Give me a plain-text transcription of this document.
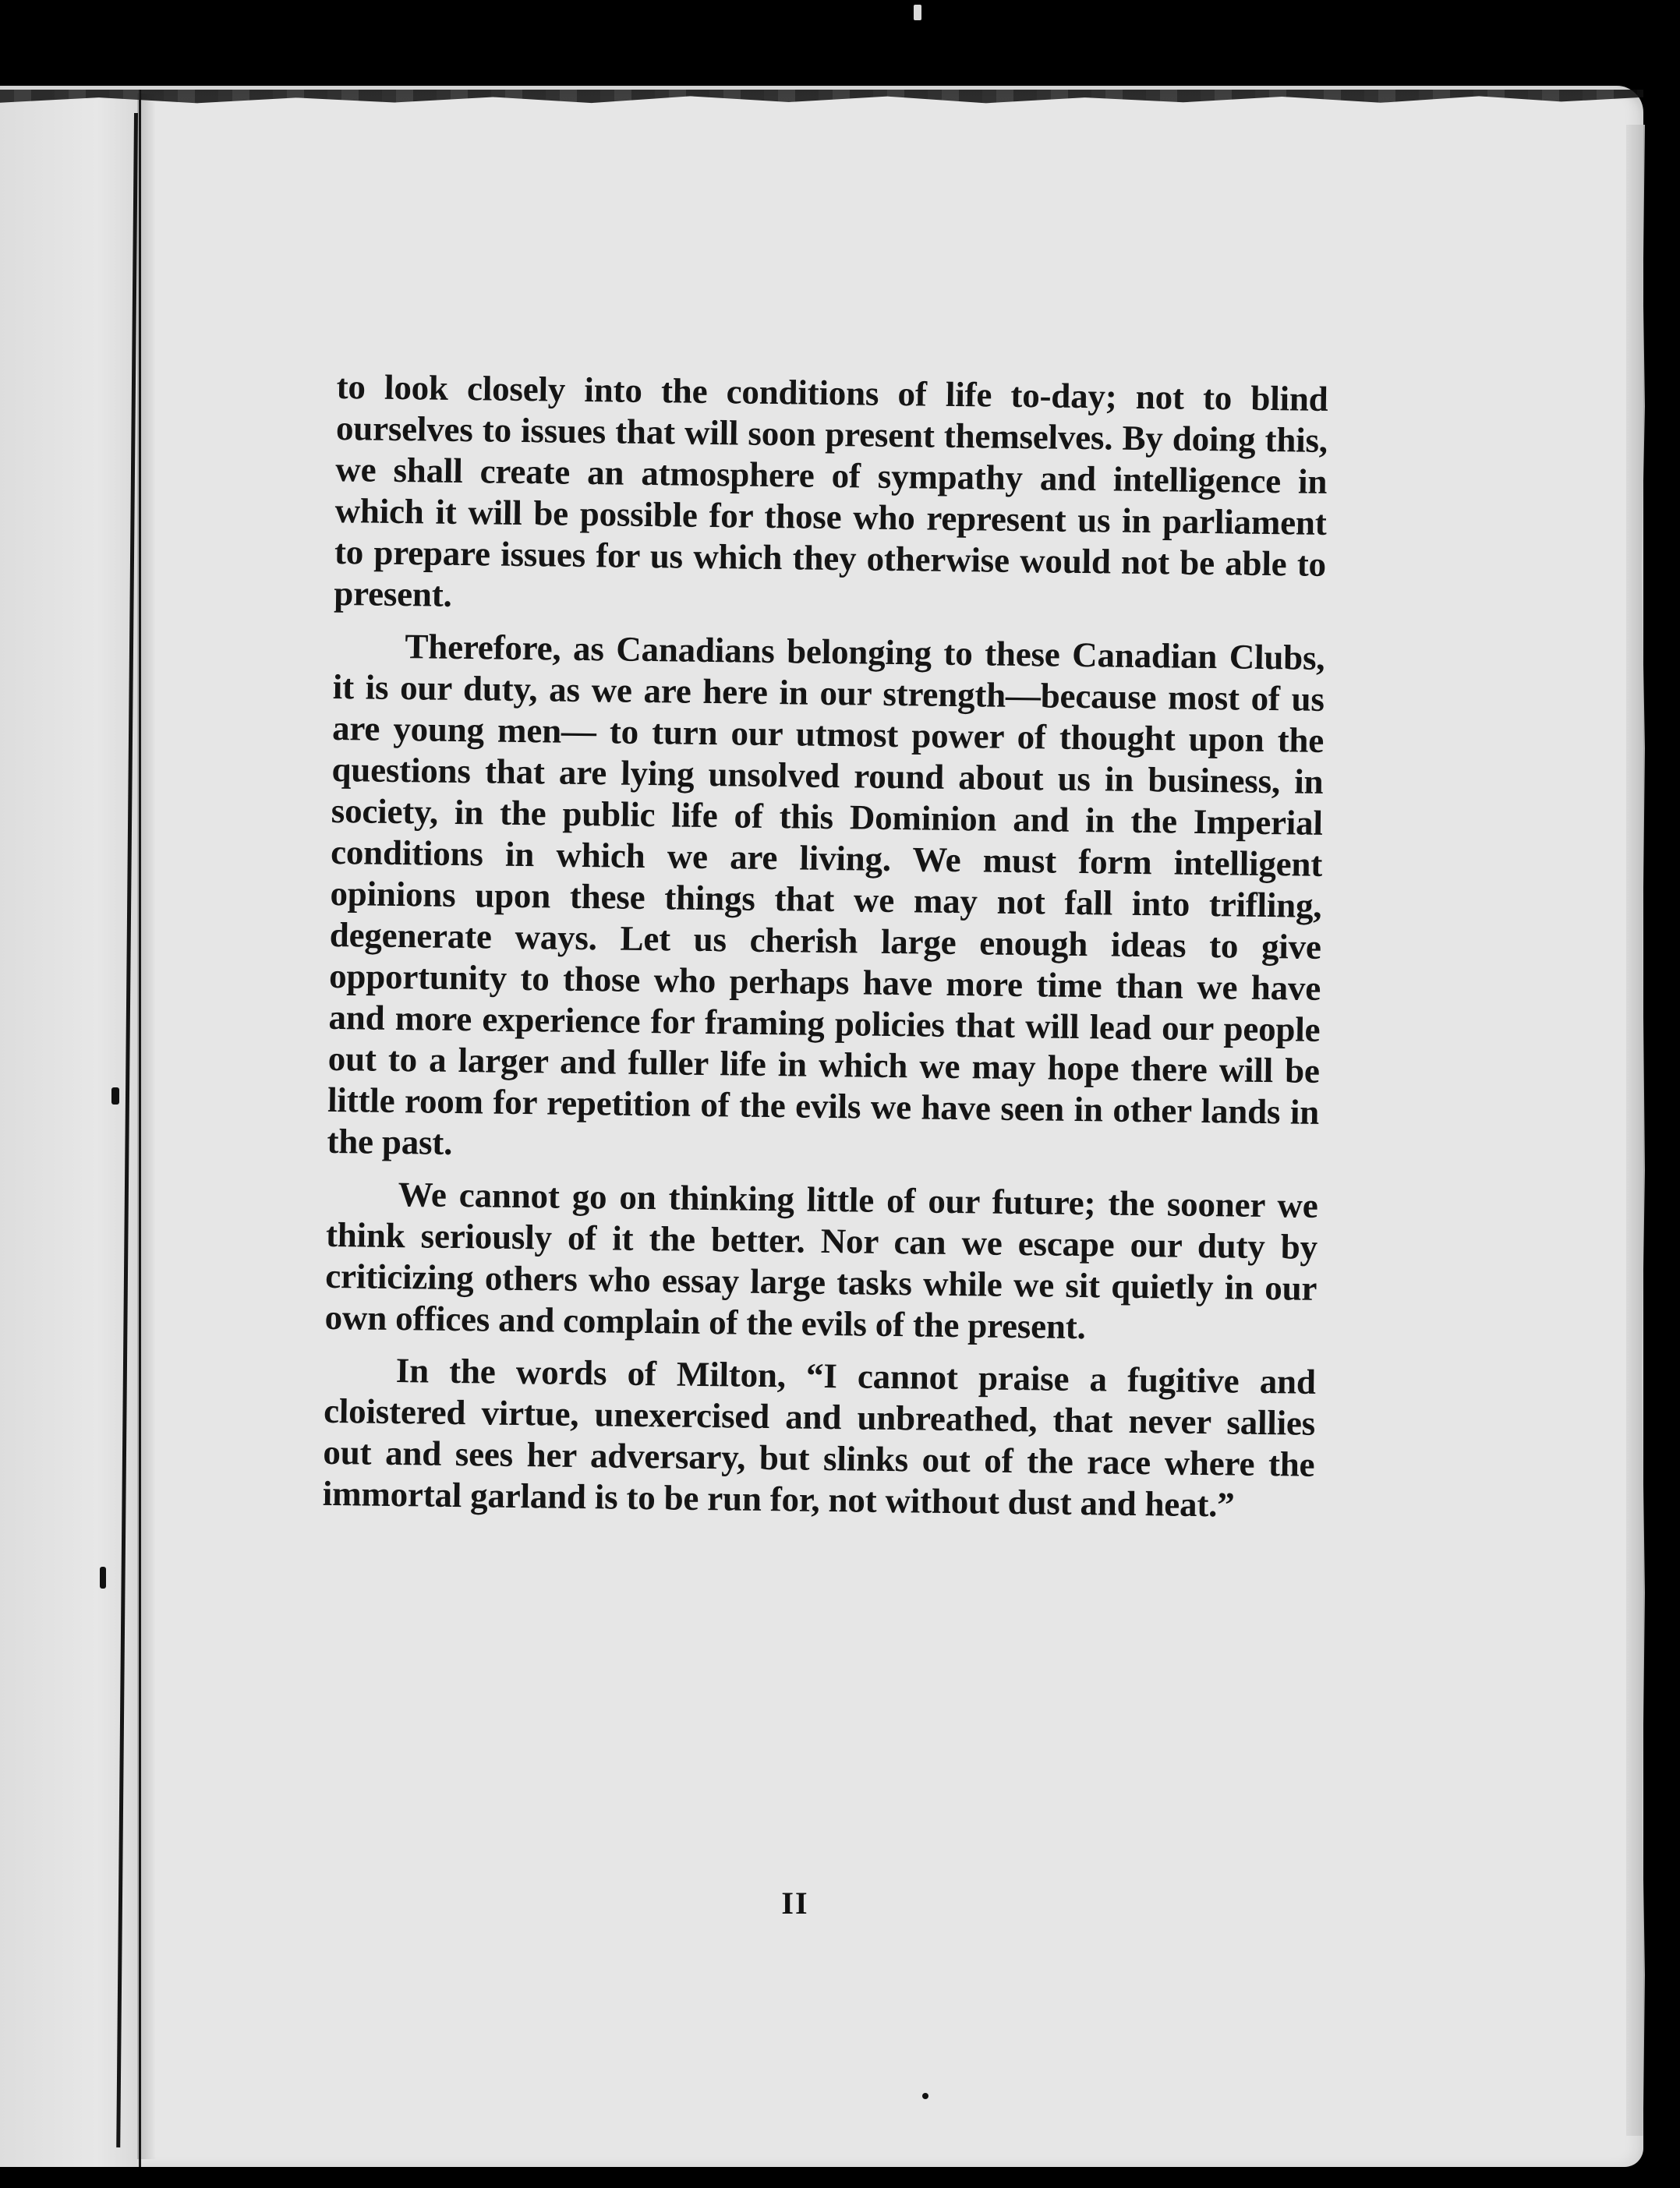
to look closely into the conditions of life to-day; not to blind ourselves to issues that will soon present themselves. By doing this, we shall create an atmosphere of sympathy and intelligence in which it will be possible for those who represent us in parliament to prepare issues for us which they otherwise would not be able to present.

Therefore, as Canadians belonging to these Canadian Clubs, it is our duty, as we are here in our strength—because most of us are young men— to turn our utmost power of thought upon the questions that are lying unsolved round about us in business, in society, in the public life of this Dominion and in the Imperial conditions in which we are living. We must form intelligent opinions upon these things that we may not fall into trifling, degenerate ways. Let us cherish large enough ideas to give opportunity to those who perhaps have more time than we have and more experience for framing policies that will lead our people out to a larger and fuller life in which we may hope there will be little room for repetition of the evils we have seen in other lands in the past.

We cannot go on thinking little of our future; the sooner we think seriously of it the better. Nor can we escape our duty by criticizing others who essay large tasks while we sit quietly in our own offices and complain of the evils of the present.

In the words of Milton, “I cannot praise a fugitive and cloistered virtue, unexercised and unbreathed, that never sallies out and sees her adversary, but slinks out of the race where the immortal garland is to be run for, not without dust and heat.”

II
